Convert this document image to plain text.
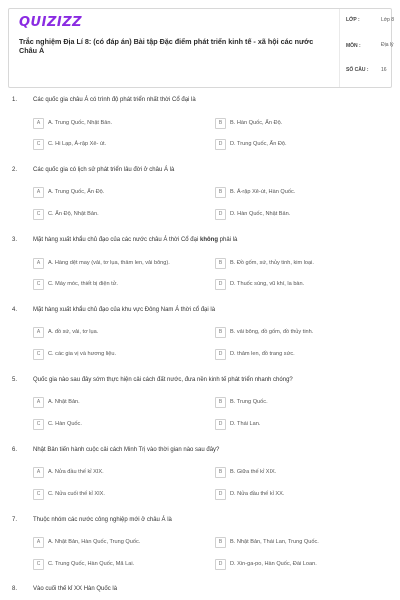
QUIZIZZ
Trắc nghiệm Địa Lí 8: (có đáp án) Bài tập Đặc điểm phát triển kinh tế - xã hội các nước Châu Á
LỚP :	Lớp 8
MÔN :	Địa lý
SỐ CÂU :	16
1.	Các quốc gia châu Á có trình độ phát triển nhất thời Cổ đại là
A	A. Trung Quốc, Nhật Bản.	B	B. Hàn Quốc, Ấn Độ.
C	C. Hi Lạp, Ả-rập Xê- út.	D	D. Trung Quốc, Ấn Độ.
2.	Các quốc gia có lịch sử phát triển lâu đời ở châu Á là
A	A. Trung Quốc, Ấn Độ.	B	B. Ả-rập Xê-út, Hàn Quốc.
C	C. Ấn Độ, Nhật Bản.	D	D. Hàn Quốc, Nhật Bản.
3.	Mặt hàng xuất khẩu chủ đạo của các nước châu Á thời Cổ đại không phải là
A	A. Hàng dệt may (vải, tơ lụa, thảm len, vải bông).	B	B. Đồ gốm, sứ, thủy tinh, kim loại.
C	C. Máy móc, thiết bị điện tử.	D	D. Thuốc súng, vũ khí, la bàn.
4.	Mặt hàng xuất khẩu chủ đạo của khu vực Đông Nam Á thời cổ đại là
A	A. đồ sứ, vải, tơ lụa.	B	B. vải bông, đồ gốm, đồ thủy tinh.
C	C. các gia vị và hương liệu.	D	D. thảm len, đồ trang sức.
5.	Quốc gia nào sau đây sớm thực hiện cải cách đất nước, đưa nền kinh tế phát triển nhanh chóng?
A	A. Nhật Bản.	B	B. Trung Quốc.
C	C. Hàn Quốc.	D	D. Thái Lan.
6.	Nhật Bản tiến hành cuộc cải cách Minh Trị vào thời gian nào sau đây?
A	A. Nửa đầu thế kỉ XIX.	B	B. Giữa thế kỉ XIX.
C	C. Nửa cuối thế kỉ XIX.	D	D. Nửa đầu thế kỉ XX.
7.	Thuộc nhóm các nước công nghiệp mới ở châu Á là
A	A. Nhật Bản, Hàn Quốc, Trung Quốc.	B	B. Nhật Bản, Thái Lan, Trung Quốc.
C	C. Trung Quốc, Hàn Quốc, Mã Lai.	D	D. Xin-ga-po, Hàn Quốc, Đài Loan.
8.	Vào cuối thế kỉ XX Hàn Quốc là
